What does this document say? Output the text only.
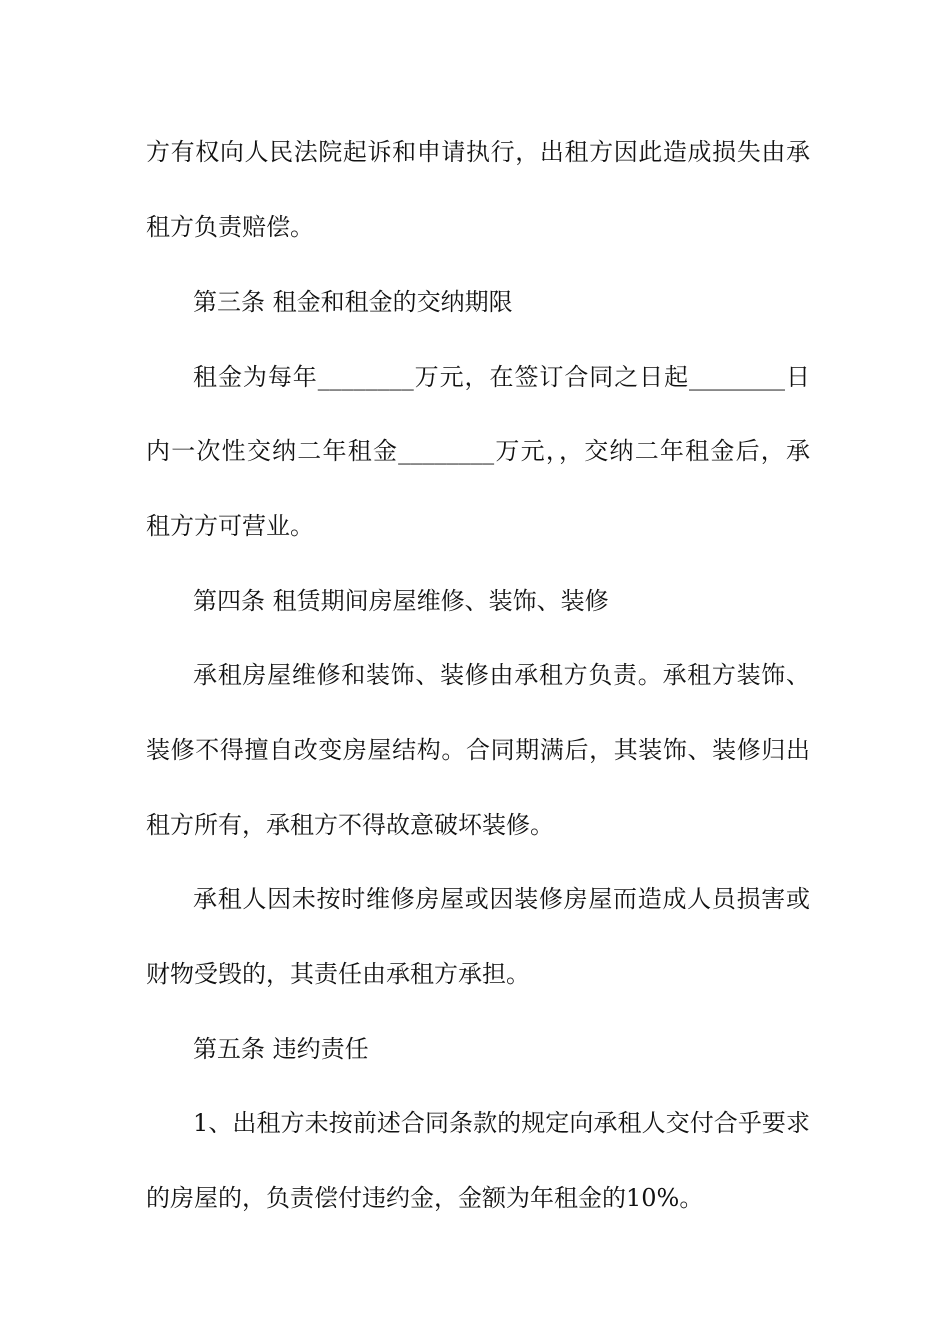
方有权向人民法院起诉和申请执行，出租方因此造成损失由承
租方负责赔偿。
第三条 租金和租金的交纳期限
租金为每年________万元，在签订合同之日起________日
内一次性交纳二年租金________万元，，交纳二年租金后，承
租方方可营业。
第四条 租赁期间房屋维修、装饰、装修
承租房屋维修和装饰、装修由承租方负责。承租方装饰、
装修不得擅自改变房屋结构。合同期满后，其装饰、装修归出
租方所有，承租方不得故意破坏装修。
承租人因未按时维修房屋或因装修房屋而造成人员损害或
财物受毁的，其责任由承租方承担。
第五条 违约责任
1、出租方未按前述合同条款的规定向承租人交付合乎要求
的房屋的，负责偿付违约金，金额为年租金的10%。
